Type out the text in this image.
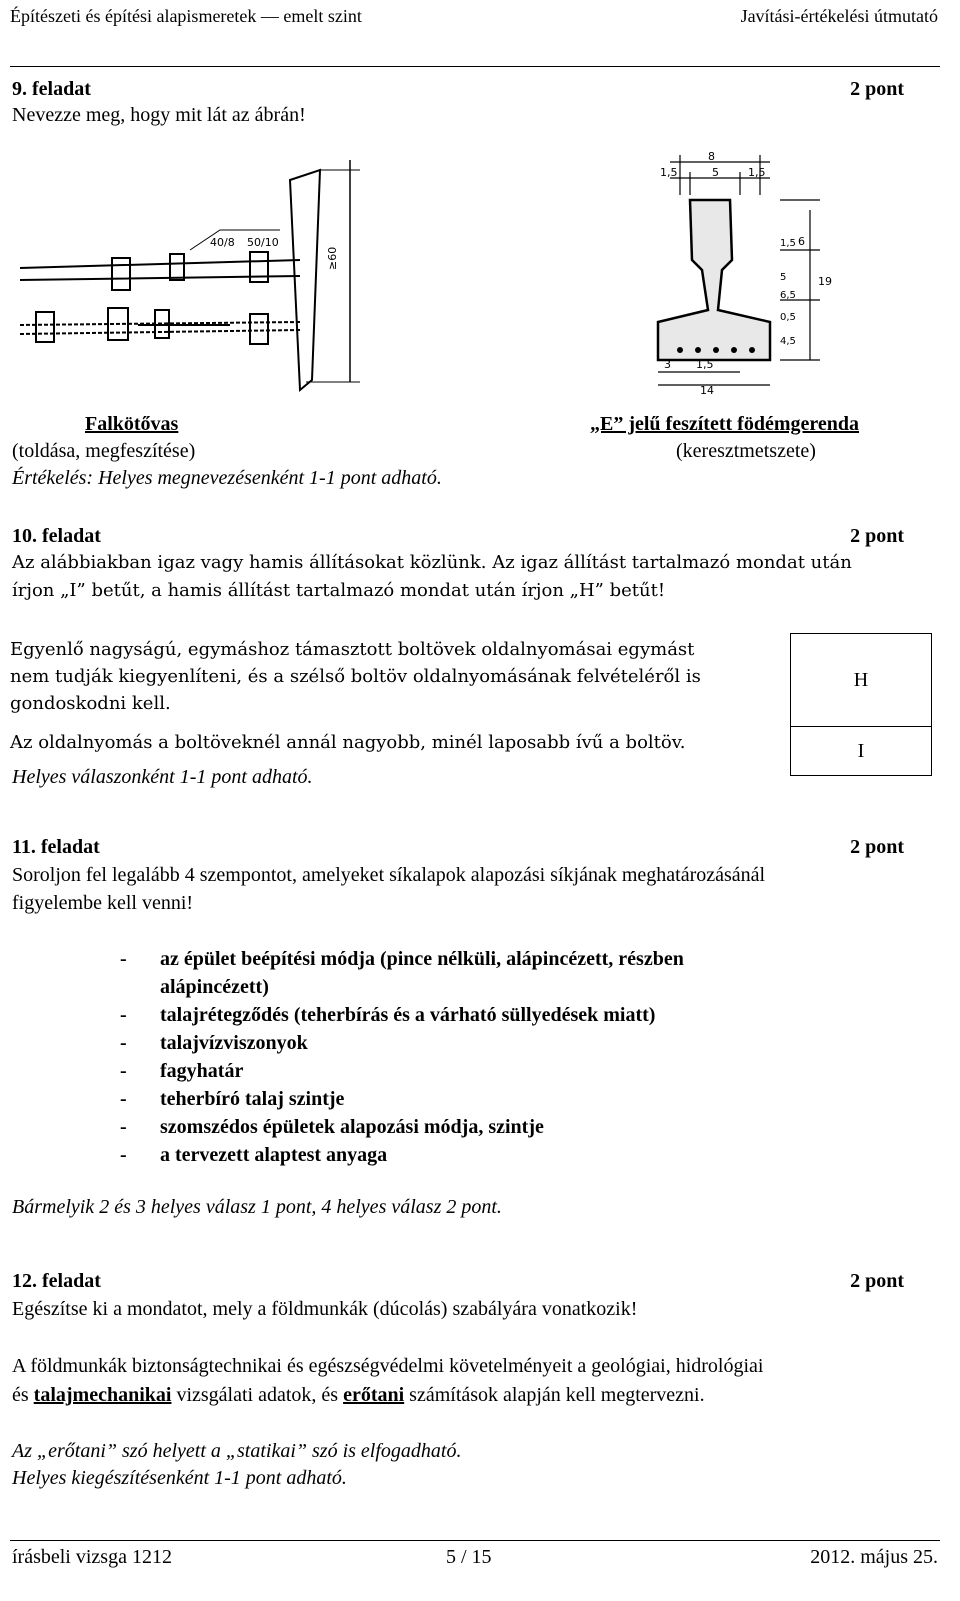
Építészeti és építési alapismeretek — emelt szint	Javítási-értékelési útmutató
9. feladat	2 pont
Nevezze meg, hogy mit lát az ábrán!
40/8 50/10
≥60
8
1,5	5	1,5
6
19
3 1,5
14
1,5
5
6,5
0,5
4,5
Falkötővas
(toldása, megfeszítése)
„E” jelű feszített födémgerenda
(keresztmetszete)
Értékelés: Helyes megnevezésenként 1-1 pont adható.
10. feladat	2 pont
Az alábbiakban igaz vagy hamis állításokat közlünk. Az igaz állítást tartalmazó mondat után
írjon „I” betűt, a hamis állítást tartalmazó mondat után írjon „H” betűt!
Egyenlő nagyságú, egymáshoz támasztott boltövek oldalnyomásai egymást
nem tudják kiegyenlíteni, és a szélső boltöv oldalnyomásának felvételéről is
gondoskodni kell.	H

Az oldalnyomás a boltöveknél annál nagyobb, minél laposabb ívű a boltöv.	I
Helyes válaszonként 1-1 pont adható.
11. feladat	2 pont
Soroljon fel legalább 4 szempontot, amelyeket síkalapok alapozási síkjának meghatározásánál
figyelembe kell venni!
- az épület beépítési módja (pince nélküli, alápincézett, részben
alápincézett)
- talajrétegződés (teherbírás és a várható süllyedések miatt)
- talajvízviszonyok
- fagyhatár
- teherbíró talaj szintje
- szomszédos épületek alapozási módja, szintje
- a tervezett alaptest anyaga
Bármelyik 2 és 3 helyes válasz 1 pont, 4 helyes válasz 2 pont.
12. feladat	2 pont
Egészítse ki a mondatot, mely a földmunkák (dúcolás) szabályára vonatkozik!
A földmunkák biztonságtechnikai és egészségvédelmi követelményeit a geológiai, hidrológiai
és talajmechanikai vizsgálati adatok, és erőtani számítások alapján kell megtervezni.
Az „erőtani” szó helyett a „statikai” szó is elfogadható.
Helyes kiegészítésenként 1-1 pont adható.
írásbeli vizsga 1212	5 / 15	2012. május 25.
